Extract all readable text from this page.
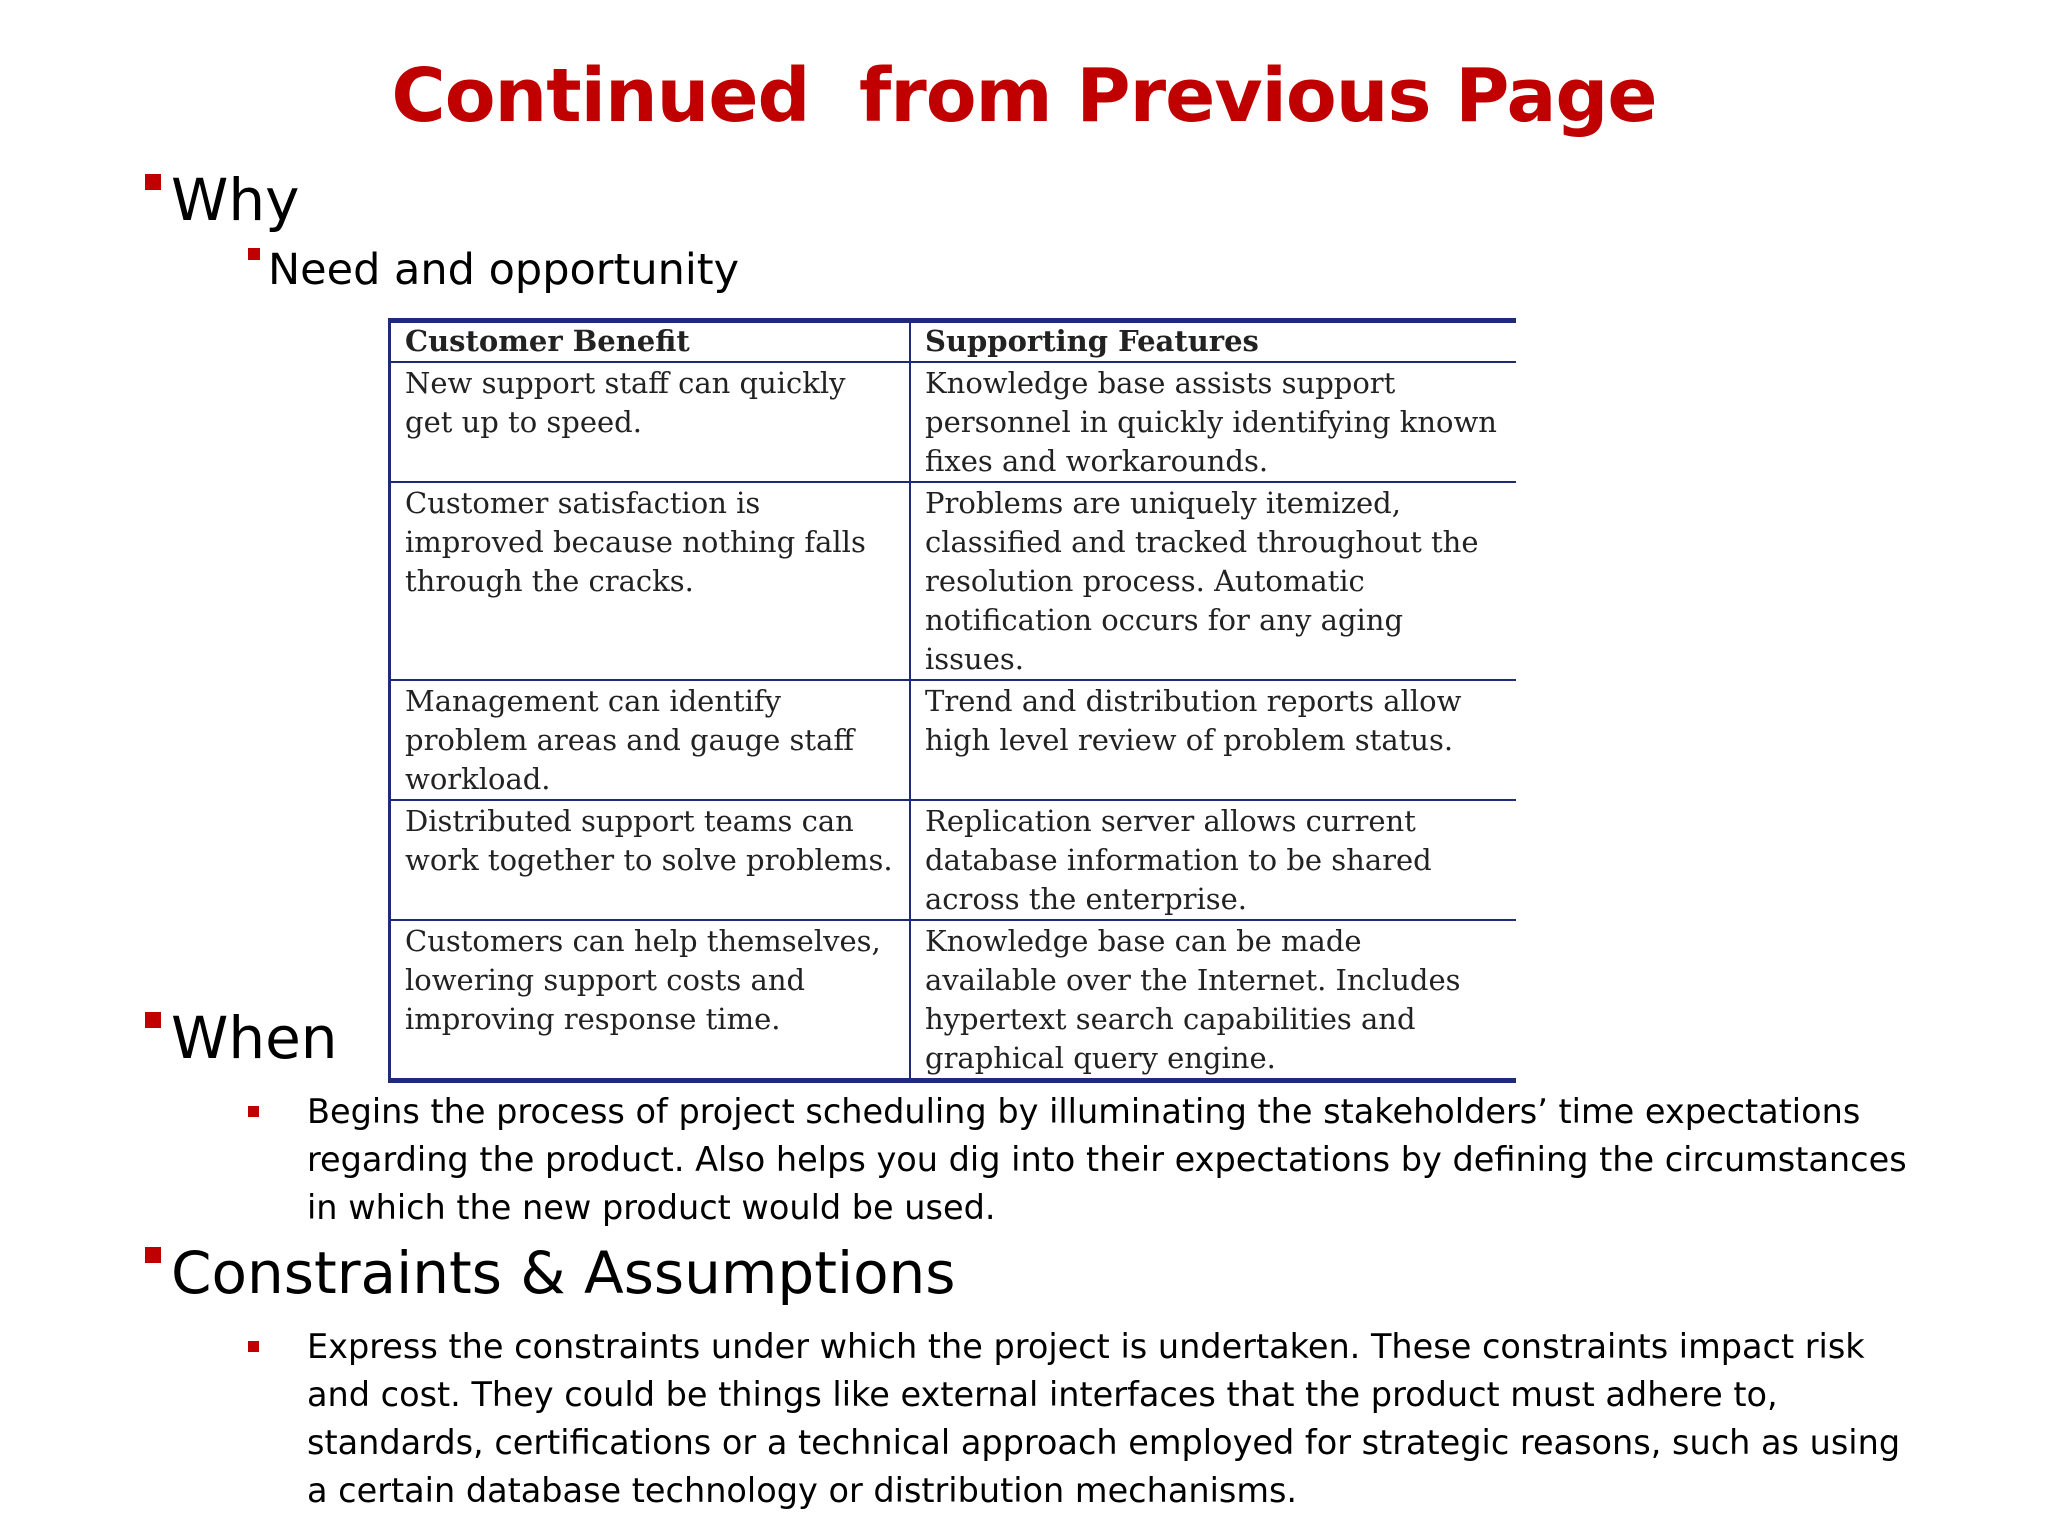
Continued  from Previous Page
Why
Need and opportunity
Customer Benefit	Supporting Features
New support staff can quickly get up to speed.	Knowledge base assists support personnel in quickly identifying known fixes and workarounds.
Customer satisfaction is improved because nothing falls through the cracks.	Problems are uniquely itemized, classified and tracked throughout the resolution process. Automatic notification occurs for any aging issues.
Management can identify problem areas and gauge staff workload.	Trend and distribution reports allow high level review of problem status.
Distributed support teams can work together to solve problems.	Replication server allows current database information to be shared across the enterprise.
Customers can help themselves, lowering support costs and improving response time.	Knowledge base can be made available over the Internet. Includes hypertext search capabilities and graphical query engine.
When
Begins the process of project scheduling by illuminating the stakeholders’ time expectations regarding the product. Also helps you dig into their expectations by defining the circumstances in which the new product would be used.
Constraints & Assumptions
Express the constraints under which the project is undertaken. These constraints impact risk and cost. They could be things like external interfaces that the product must adhere to, standards, certifications or a technical approach employed for strategic reasons, such as using a certain database technology or distribution mechanisms.
